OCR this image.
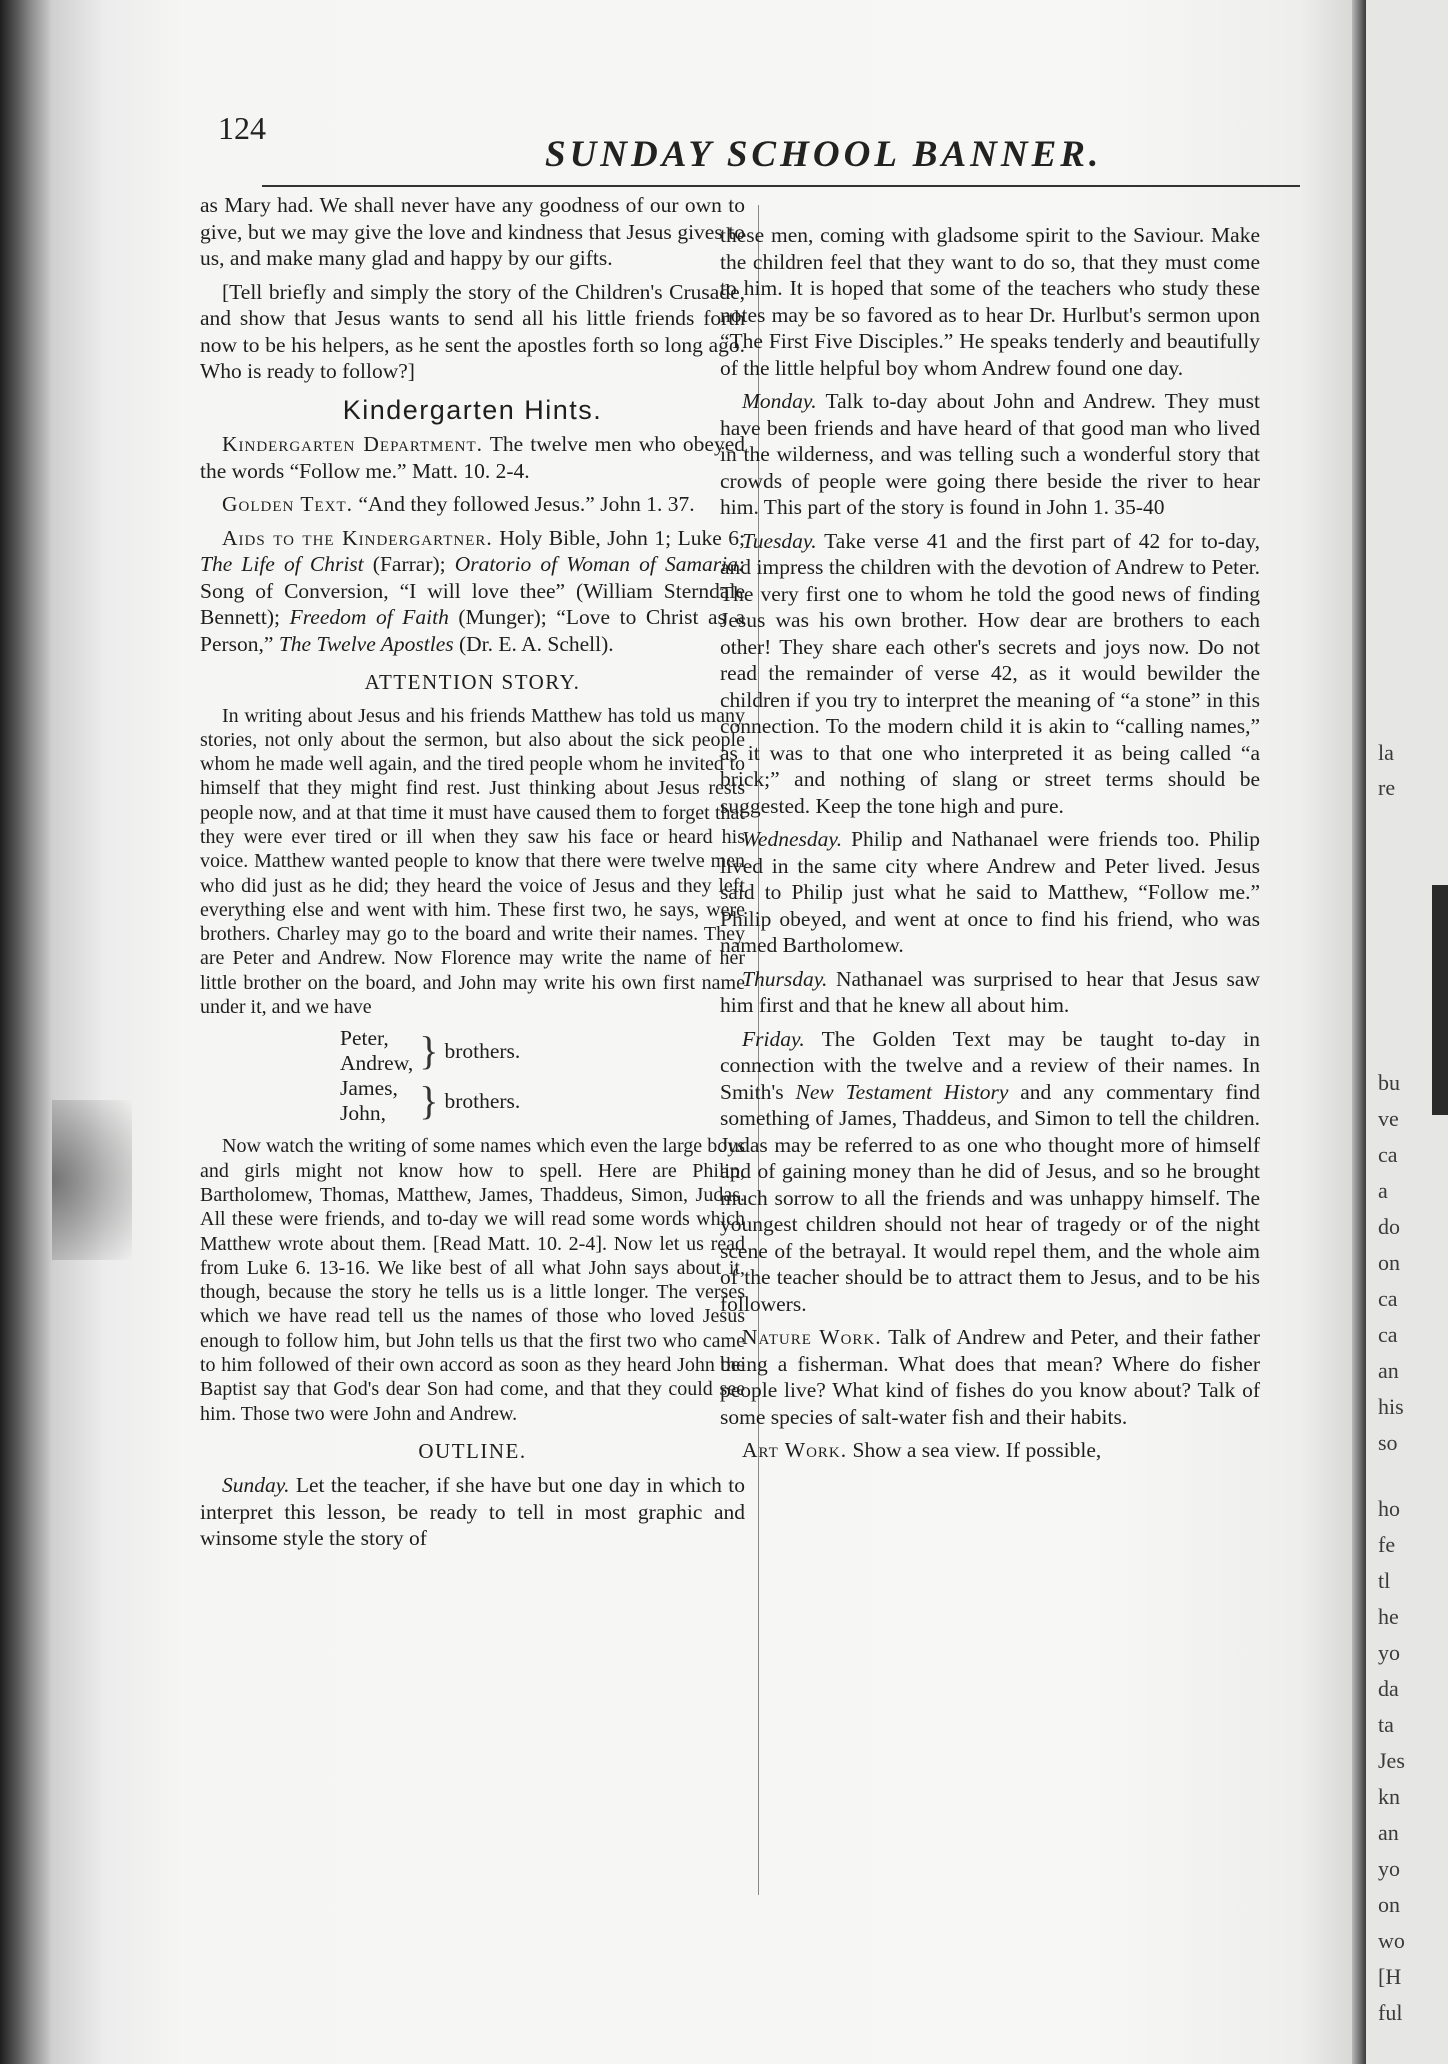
124
SUNDAY SCHOOL BANNER.

as Mary had. We shall never have any goodness of our own to give, but we may give the love and kindness that Jesus gives to us, and make many glad and happy by our gifts.

[Tell briefly and simply the story of the Children's Crusade, and show that Jesus wants to send all his little friends forth now to be his helpers, as he sent the apostles forth so long ago. Who is ready to follow?]

Kindergarten Hints.

Kindergarten Department. The twelve men who obeyed the words “Follow me.” Matt. 10. 2-4.

Golden Text. “And they followed Jesus.” John 1. 37.

Aids to the Kindergartner. Holy Bible, John 1; Luke 6; The Life of Christ (Farrar); Oratorio of Woman of Samaria: Song of Conversion, “I will love thee” (William Sterndale Bennett); Freedom of Faith (Munger); “Love to Christ as a Person,” The Twelve Apostles (Dr. E. A. Schell).

ATTENTION STORY.

In writing about Jesus and his friends Matthew has told us many stories, not only about the sermon, but also about the sick people whom he made well again, and the tired people whom he invited to himself that they might find rest. Just thinking about Jesus rests people now, and at that time it must have caused them to forget that they were ever tired or ill when they saw his face or heard his voice. Matthew wanted people to know that there were twelve men who did just as he did; they heard the voice of Jesus and they left everything else and went with him. These first two, he says, were brothers. Charley may go to the board and write their names. They are Peter and Andrew. Now Florence may write the name of her little brother on the board, and John may write his own first name under it, and we have

Peter,
Andrew,	}	brothers.
James,
John,	}	brothers.

Now watch the writing of some names which even the large boys and girls might not know how to spell. Here are Philip, Bartholomew, Thomas, Matthew, James, Thaddeus, Simon, Judas. All these were friends, and to-day we will read some words which Matthew wrote about them. [Read Matt. 10. 2-4]. Now let us read from Luke 6. 13-16. We like best of all what John says about it, though, because the story he tells us is a little longer. The verses which we have read tell us the names of those who loved Jesus enough to follow him, but John tells us that the first two who came to him followed of their own accord as soon as they heard John the Baptist say that God's dear Son had come, and that they could see him. Those two were John and Andrew.

OUTLINE.

Sunday. Let the teacher, if she have but one day in which to interpret this lesson, be ready to tell in most graphic and winsome style the story of

these men, coming with gladsome spirit to the Saviour. Make the children feel that they want to do so, that they must come to him. It is hoped that some of the teachers who study these notes may be so favored as to hear Dr. Hurlbut's sermon upon “The First Five Disciples.” He speaks tenderly and beautifully of the little helpful boy whom Andrew found one day.

Monday. Talk to-day about John and Andrew. They must have been friends and have heard of that good man who lived in the wilderness, and was telling such a wonderful story that crowds of people were going there beside the river to hear him. This part of the story is found in John 1. 35-40

Tuesday. Take verse 41 and the first part of 42 for to-day, and impress the children with the devotion of Andrew to Peter. The very first one to whom he told the good news of finding Jesus was his own brother. How dear are brothers to each other! They share each other's secrets and joys now. Do not read the remainder of verse 42, as it would bewilder the children if you try to interpret the meaning of “a stone” in this connection. To the modern child it is akin to “calling names,” as it was to that one who interpreted it as being called “a brick;” and nothing of slang or street terms should be suggested. Keep the tone high and pure.

Wednesday. Philip and Nathanael were friends too. Philip lived in the same city where Andrew and Peter lived. Jesus said to Philip just what he said to Matthew, “Follow me.” Philip obeyed, and went at once to find his friend, who was named Bartholomew.

Thursday. Nathanael was surprised to hear that Jesus saw him first and that he knew all about him.

Friday. The Golden Text may be taught to-day in connection with the twelve and a review of their names. In Smith's New Testament History and any commentary find something of James, Thaddeus, and Simon to tell the children. Judas may be referred to as one who thought more of himself and of gaining money than he did of Jesus, and so he brought much sorrow to all the friends and was unhappy himself. The youngest children should not hear of tragedy or of the night scene of the betrayal. It would repel them, and the whole aim of the teacher should be to attract them to Jesus, and to be his followers.

Nature Work. Talk of Andrew and Peter, and their father being a fisherman. What does that mean? Where do fisher people live? What kind of fishes do you know about? Talk of some species of salt-water fish and their habits.

Art Work. Show a sea view. If possible,

la
re
bu
ve
ca
a
do
on
ca
ca
an
his
so
ho
fe
tl
he
yo
da
ta
Jes
kn
an
yo
on
wo
[H
ful
